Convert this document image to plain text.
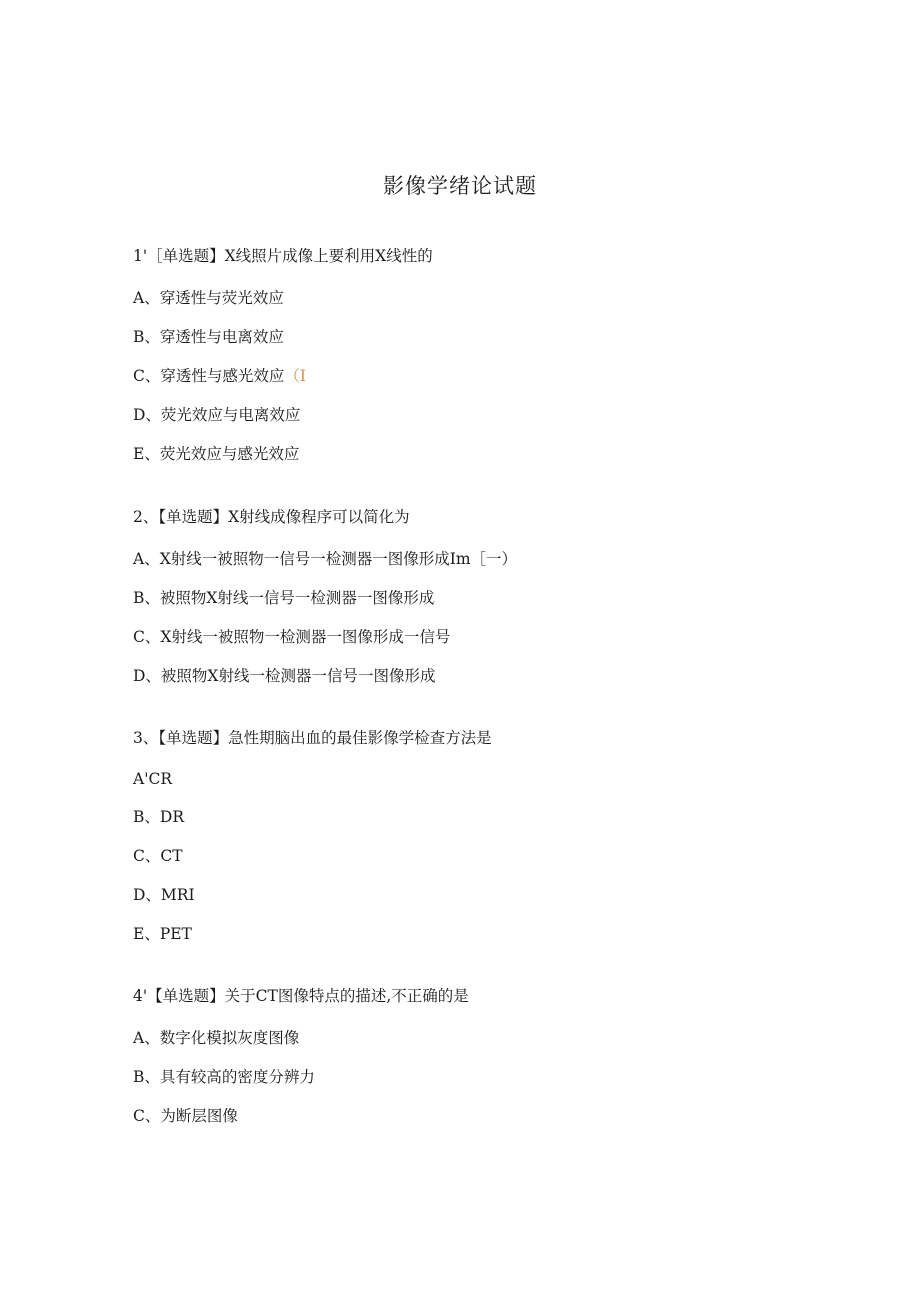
影像学绪论试题
1'［单选题】X线照片成像上要利用X线性的
A、穿透性与荧光效应
B、穿透性与电离效应
C、穿透性与感光效应（I
D、荧光效应与电离效应
E、荧光效应与感光效应
2、【单选题】X射线成像程序可以简化为
A、X射线一被照物一信号一检测器一图像形成Im［一）
B、被照物X射线一信号一检测器一图像形成
C、X射线一被照物一检测器一图像形成一信号
D、被照物X射线一检测器一信号一图像形成
3、【单选题】急性期脑出血的最佳影像学检查方法是
A'CR
B、DR
C、CT
D、MRI
E、PET
4'【单选题】关于CT图像特点的描述,不正确的是
A、数字化模拟灰度图像
B、具有较高的密度分辨力
C、为断层图像
